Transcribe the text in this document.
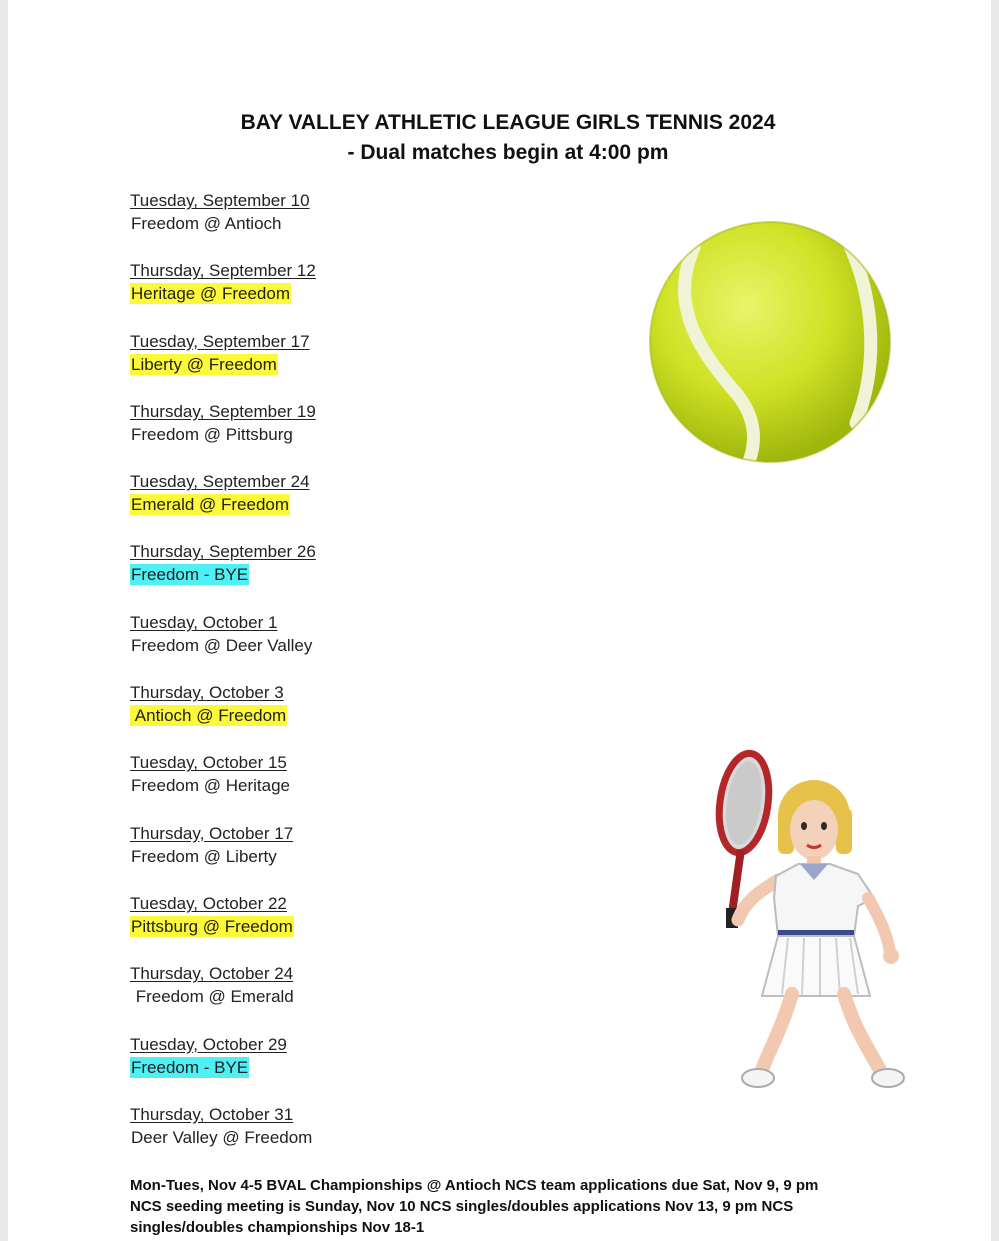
BAY VALLEY ATHLETIC LEAGUE GIRLS TENNIS 2024
- Dual matches begin at 4:00 pm
Tuesday, September 10
Freedom @ Antioch
Thursday, September 12
Heritage @ Freedom
Tuesday, September 17
Liberty @ Freedom
Thursday, September 19
Freedom @ Pittsburg
Tuesday, September 24
Emerald @ Freedom
Thursday, September 26
Freedom - BYE
Tuesday, October 1
Freedom @ Deer Valley
Thursday, October 3
Antioch @ Freedom
Tuesday, October 15
Freedom @ Heritage
Thursday, October 17
Freedom @ Liberty
Tuesday, October 22
Pittsburg @ Freedom
Thursday, October 24
Freedom @ Emerald
Tuesday, October 29
Freedom - BYE
Thursday, October 31
Deer Valley @ Freedom
Mon-Tues, Nov 4-5 BVAL Championships @ Antioch NCS team applications due Sat, Nov 9, 9 pm
NCS seeding meeting is Sunday, Nov 10 NCS singles/doubles applications Nov 13, 9 pm NCS
singles/doubles championships Nov 18-1
